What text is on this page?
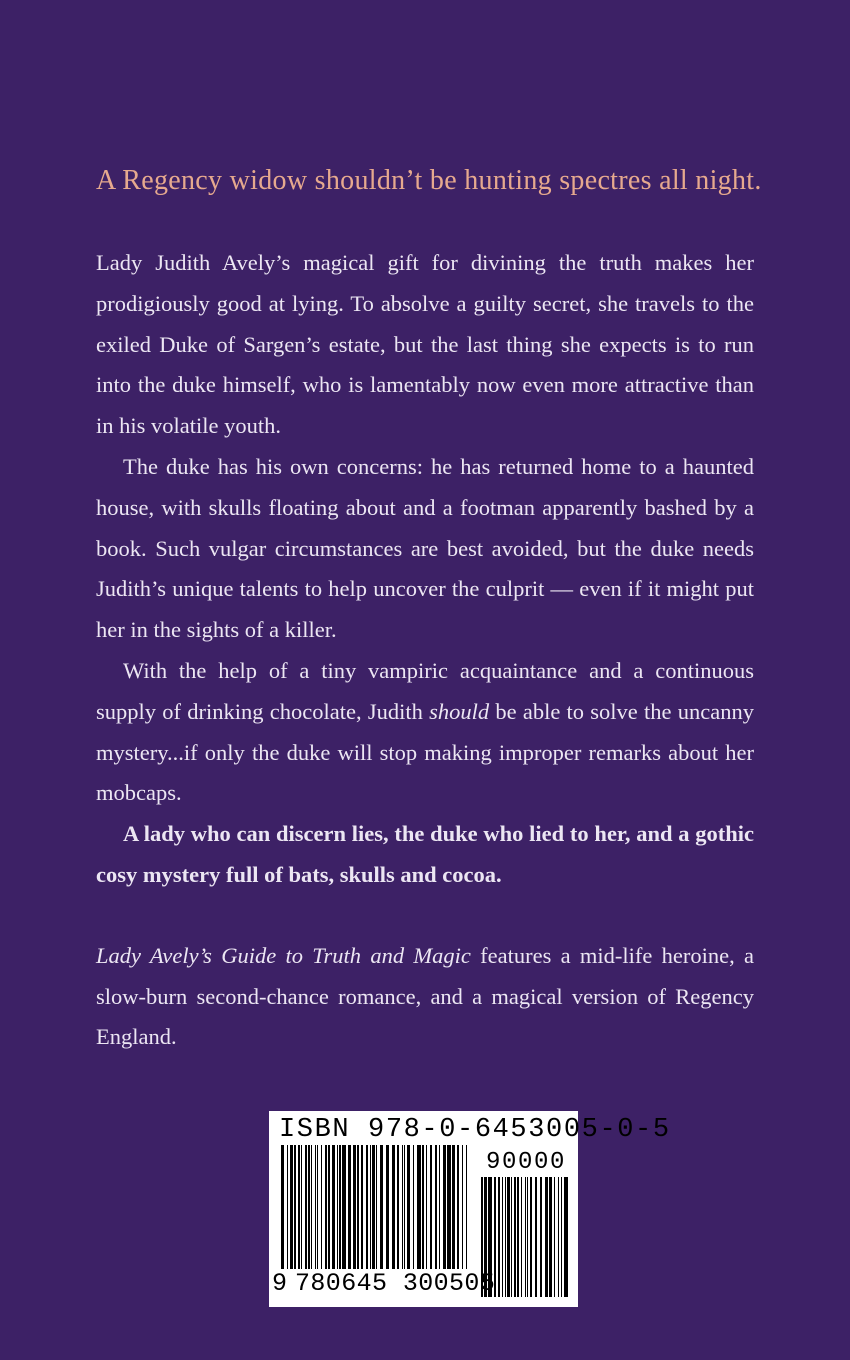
A Regency widow shouldn’t be hunting spectres all night.

Lady Judith Avely’s magical gift for divining the truth makes her prodigiously good at lying. To absolve a guilty secret, she travels to the exiled Duke of Sargen’s estate, but the last thing she expects is to run into the duke himself, who is lamentably now even more attractive than in his volatile youth.

The duke has his own concerns: he has returned home to a haunted house, with skulls floating about and a footman apparently bashed by a book. Such vulgar circumstances are best avoided, but the duke needs Judith’s unique talents to help uncover the culprit — even if it might put her in the sights of a killer.

With the help of a tiny vampiric acquaintance and a continuous supply of drinking chocolate, Judith should be able to solve the uncanny mystery...if only the duke will stop making improper remarks about her mobcaps.

A lady who can discern lies, the duke who lied to her, and a gothic cosy mystery full of bats, skulls and cocoa.

Lady Avely’s Guide to Truth and Magic features a mid-life heroine, a slow-burn second-chance romance, and a magical version of Regency England.

ISBN 978-0-6453005-0-5
90000
9 780645 300505
